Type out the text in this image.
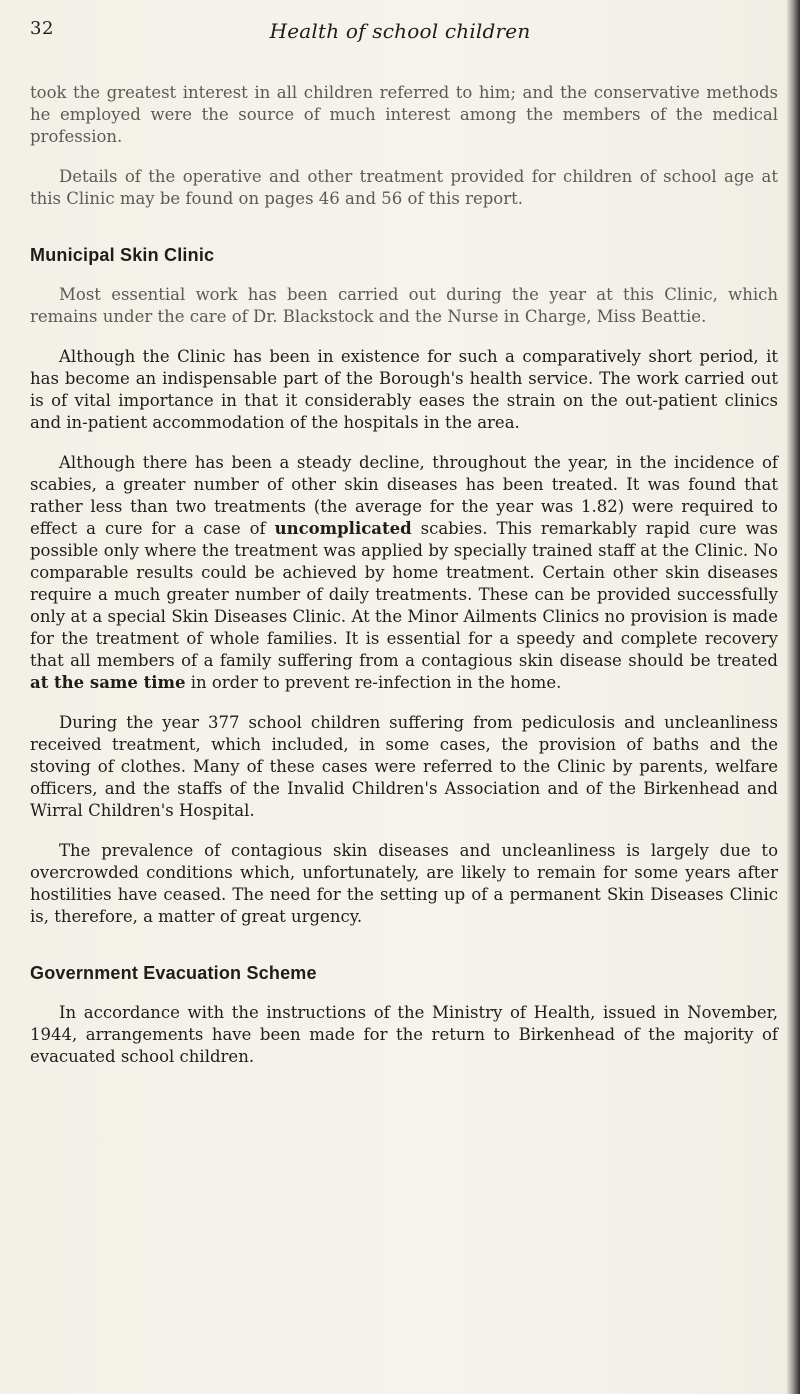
32	Health of school children

took the greatest interest in all children referred to him; and the conservative methods he employed were the source of much interest among the members of the medical profession.

Details of the operative and other treatment provided for children of school age at this Clinic may be found on pages 46 and 56 of this report.

Municipal Skin Clinic

Most essential work has been carried out during the year at this Clinic, which remains under the care of Dr. Blackstock and the Nurse in Charge, Miss Beattie.

Although the Clinic has been in existence for such a comparatively short period, it has become an indispensable part of the Borough's health service. The work carried out is of vital importance in that it considerably eases the strain on the out-patient clinics and in-patient accommodation of the hospitals in the area.

Although there has been a steady decline, throughout the year, in the incidence of scabies, a greater number of other skin diseases has been treated. It was found that rather less than two treatments (the average for the year was 1.82) were required to effect a cure for a case of uncomplicated scabies. This remarkably rapid cure was possible only where the treatment was applied by specially trained staff at the Clinic. No comparable results could be achieved by home treatment. Certain other skin diseases require a much greater number of daily treatments. These can be provided successfully only at a special Skin Diseases Clinic. At the Minor Ailments Clinics no provision is made for the treatment of whole families. It is essential for a speedy and complete recovery that all members of a family suffering from a contagious skin disease should be treated at the same time in order to prevent re-infection in the home.

During the year 377 school children suffering from pediculosis and uncleanliness received treatment, which included, in some cases, the provision of baths and the stoving of clothes. Many of these cases were referred to the Clinic by parents, welfare officers, and the staffs of the Invalid Children's Association and of the Birkenhead and Wirral Children's Hospital.

The prevalence of contagious skin diseases and uncleanliness is largely due to overcrowded conditions which, unfortunately, are likely to remain for some years after hostilities have ceased. The need for the setting up of a permanent Skin Diseases Clinic is, therefore, a matter of great urgency.

Government Evacuation Scheme

In accordance with the instructions of the Ministry of Health, issued in November, 1944, arrangements have been made for the return to Birkenhead of the majority of evacuated school children.
